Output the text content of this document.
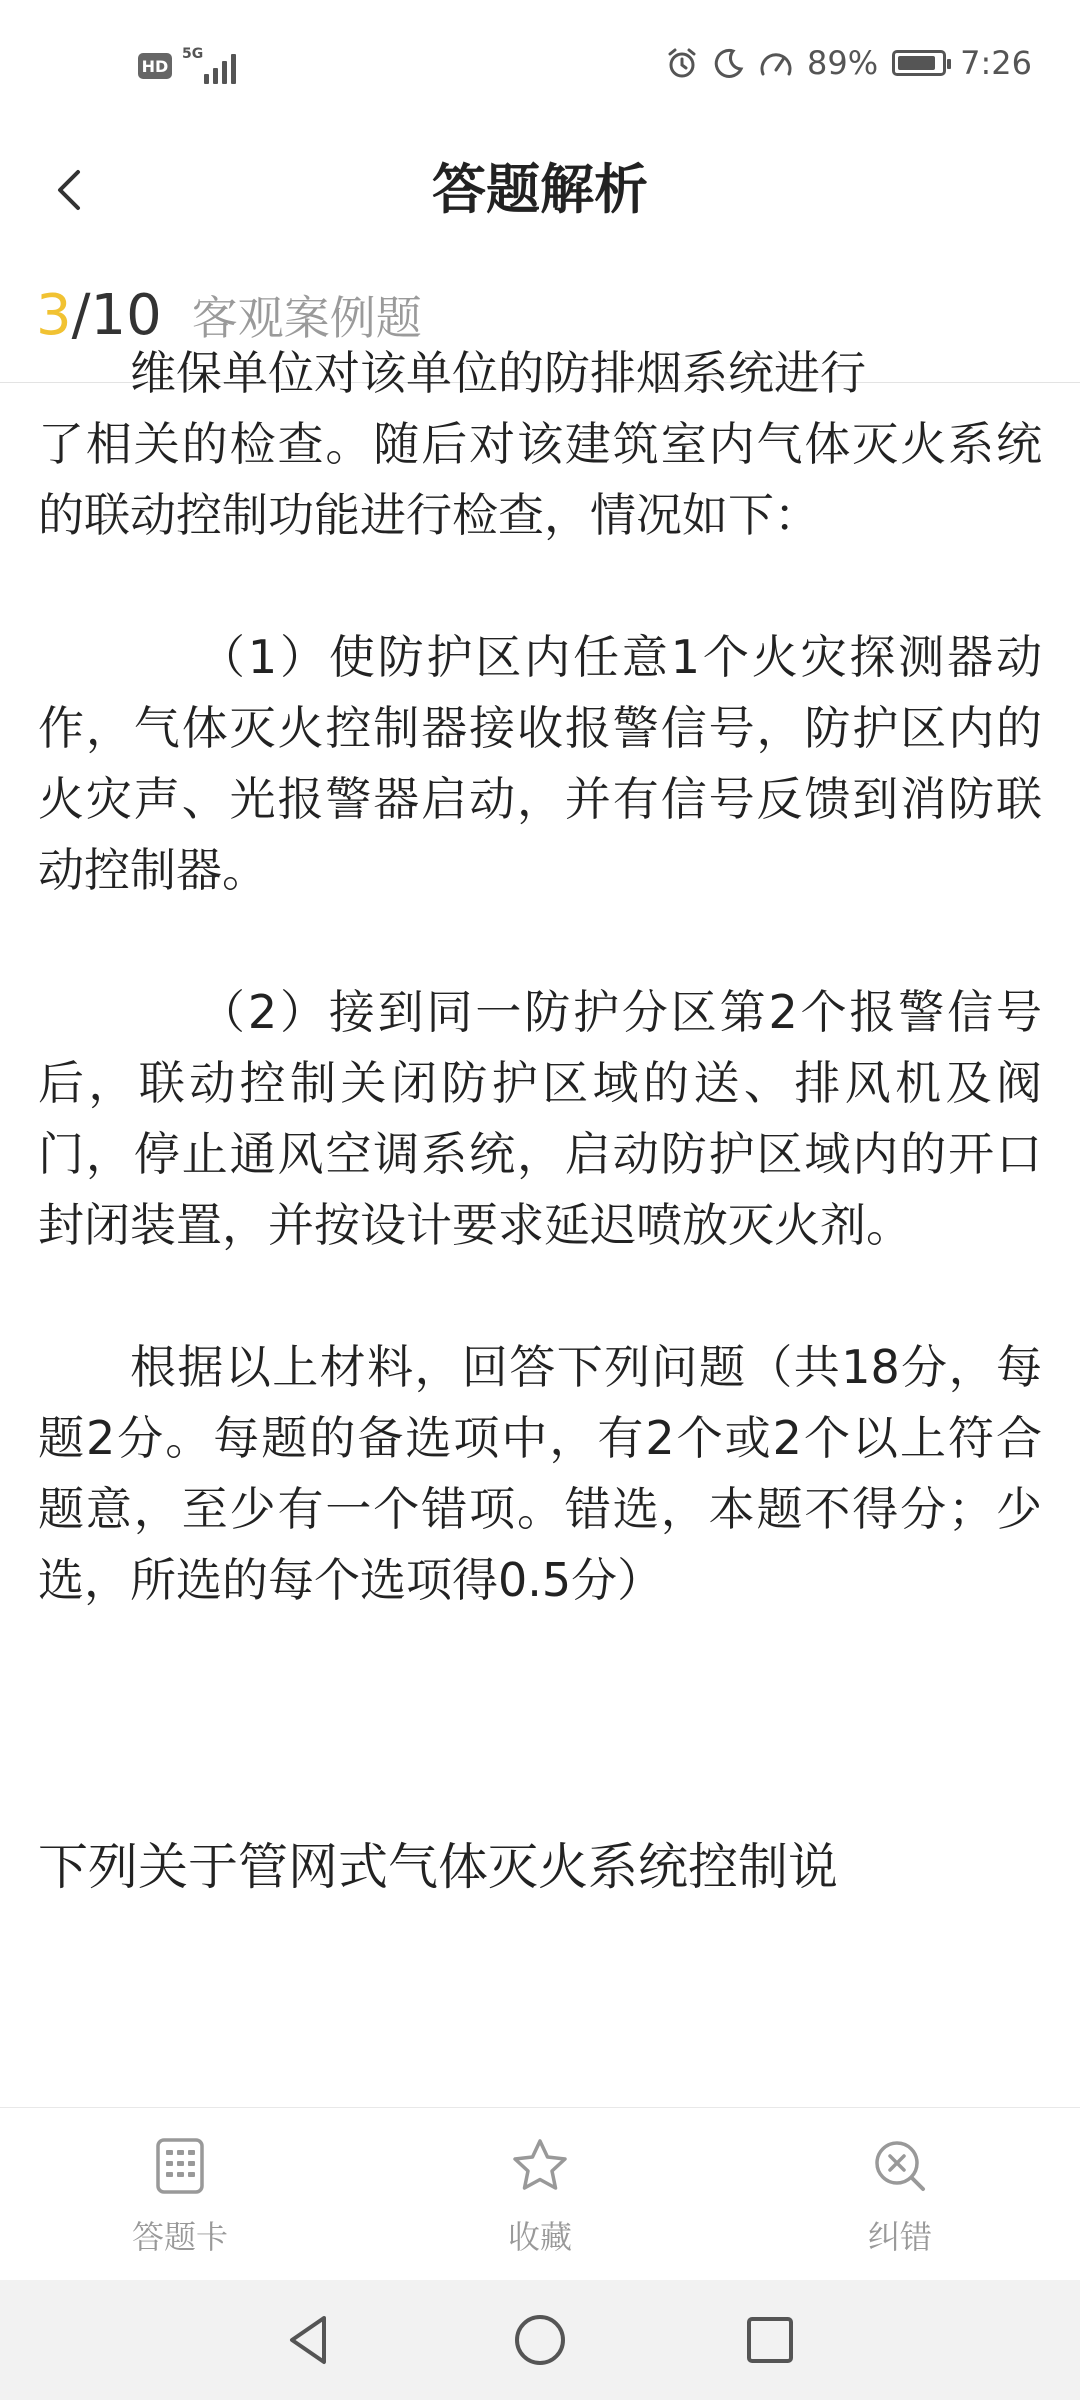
HD
5G	89%	7:26
答题解析
3 /10 客观案例题

维保单位对该单位的防排烟系统进行

了相关的检查。随后对该建筑室内气体灭火系统的联动控制功能进行检查，情况如下：

（1）使防护区内任意1个火灾探测器动作，气体灭火控制器接收报警信号，防护区内的火灾声、光报警器启动，并有信号反馈到消防联动控制器。

（2）接到同一防护分区第2个报警信号后，联动控制关闭防护区域的送、排风机及阀门，停止通风空调系统，启动防护区域内的开口封闭装置，并按设计要求延迟喷放灭火剂。

根据以上材料，回答下列问题（共18分，每题2分。每题的备选项中，有2个或2个以上符合题意，至少有一个错项。错选，本题不得分；少选，所选的每个选项得0.5分）

下列关于管网式气体灭火系统控制说

答题卡	收藏	纠错
